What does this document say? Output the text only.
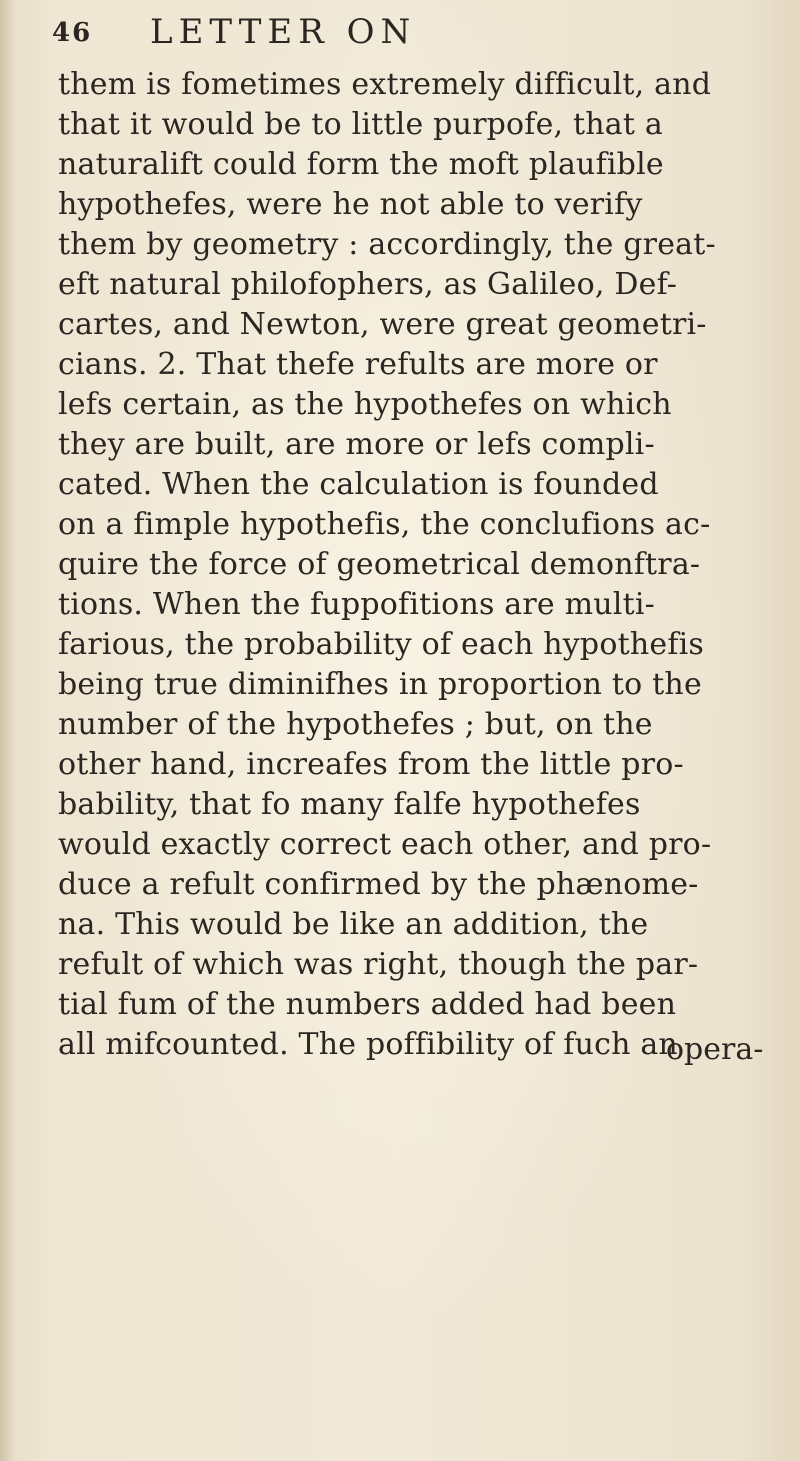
46 LETTER ON
them is fometimes extremely difficult, and
that it would be to little purpofe, that a
naturalift could form the moft plaufible
hypothefes, were he not able to verify
them by geometry : accordingly, the great-
eft natural philofophers, as Galileo, Def-
cartes, and Newton, were great geometri-
cians. 2. That thefe refults are more or
lefs certain, as the hypothefes on which
they are built, are more or lefs compli-
cated. When the calculation is founded
on a fimple hypothefis, the conclufions ac-
quire the force of geometrical demonftra-
tions. When the fuppofitions are multi-
farious, the probability of each hypothefis
being true diminifhes in proportion to the
number of the hypothefes ; but, on the
other hand, increafes from the little pro-
bability, that fo many falfe hypothefes
would exactly correct each other, and pro-
duce a refult confirmed by the phænome-
na. This would be like an addition, the
refult of which was right, though the par-
tial fum of the numbers added had been
all mifcounted. The poffibility of fuch an
opera-
